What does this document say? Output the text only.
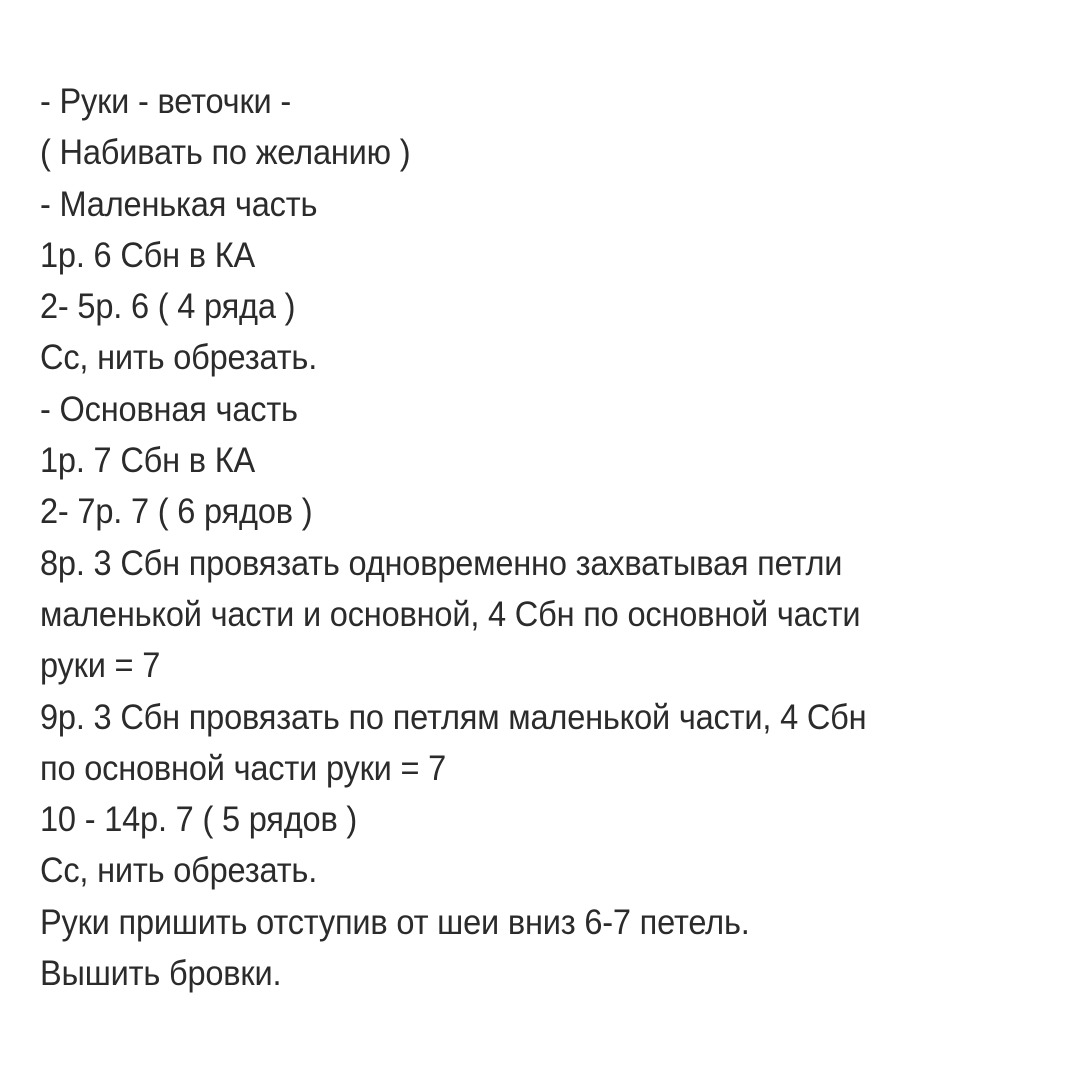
- Руки - веточки -
( Набивать по желанию )
- Маленькая часть
1р. 6 Сбн в КА
2- 5р. 6 ( 4 ряда )
Сс, нить обрезать.
- Основная часть
1р. 7 Сбн в КА
2- 7р. 7 ( 6 рядов )
8р. 3 Сбн провязать одновременно захватывая петли
маленькой части и основной, 4 Сбн по основной части
руки = 7
9р. 3 Сбн провязать по петлям маленькой части, 4 Сбн
по основной части руки = 7
10 - 14р. 7 ( 5 рядов )
Сс, нить обрезать.
Руки пришить отступив от шеи вниз 6-7 петель.
Вышить бровки.
